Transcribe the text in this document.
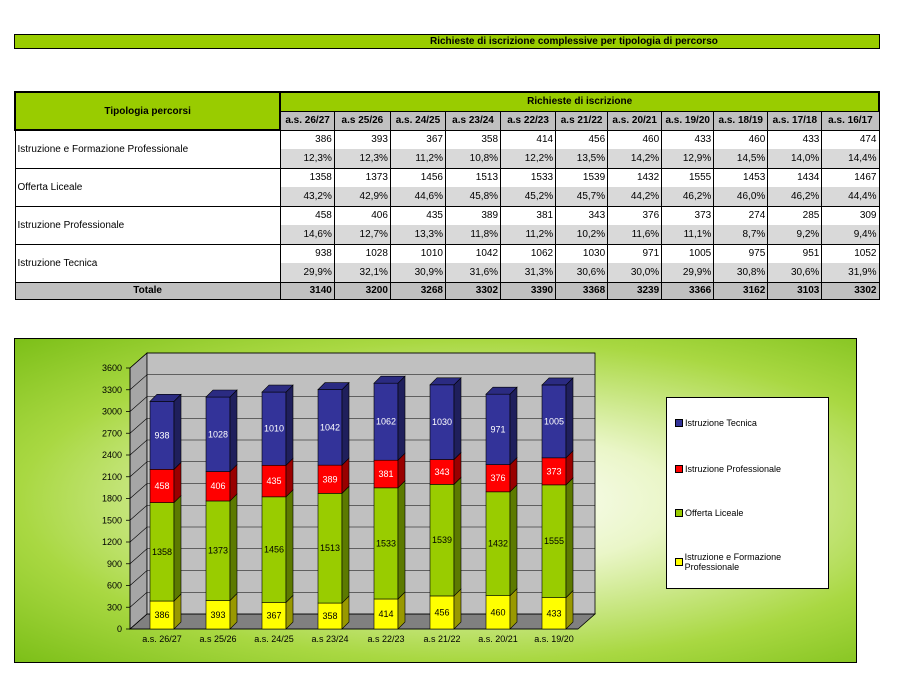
Richieste di iscrizione complessive per tipologia di percorso
Tipologia percorsi	Richieste di iscrizione										
	a.s. 26/27	a.s 25/26	a.s. 24/25	a.s 23/24	a.s 22/23	a.s 21/22	a.s. 20/21	a.s. 19/20	a.s. 18/19	a.s. 17/18	a.s. 16/17
Istruzione e Formazione Professionale	386	393	367	358	414	456	460	433	460	433	474
	12,3%	12,3%	11,2%	10,8%	12,2%	13,5%	14,2%	12,9%	14,5%	14,0%	14,4%
Offerta Liceale	1358	1373	1456	1513	1533	1539	1432	1555	1453	1434	1467
	43,2%	42,9%	44,6%	45,8%	45,2%	45,7%	44,2%	46,2%	46,0%	46,2%	44,4%
Istruzione Professionale	458	406	435	389	381	343	376	373	274	285	309
	14,6%	12,7%	13,3%	11,8%	11,2%	10,2%	11,6%	11,1%	8,7%	9,2%	9,4%
Istruzione Tecnica	938	1028	1010	1042	1062	1030	971	1005	975	951	1052
	29,9%	32,1%	30,9%	31,6%	31,3%	30,6%	30,0%	29,9%	30,8%	30,6%	31,9%
Totale	3140	3200	3268	3302	3390	3368	3239	3366	3162	3103	3302
0
300
600
900
1200
1500
1800
2100
2400
2700
3000
3300
3600
386
1358
458
938
a.s. 26/27
393
1373
406
1028
a.s 25/26
367
1456
435
1010
a.s. 24/25
358
1513
389
1042
a.s 23/24
414
1533
381
1062
a.s 22/23
456
1539
343
1030
a.s 21/22
460
1432
376
971
a.s. 20/21
433
1555
373
1005
a.s. 19/20
Istruzione Tecnica
Istruzione Professionale
Offerta Liceale
Istruzione e Formazione Professionale
